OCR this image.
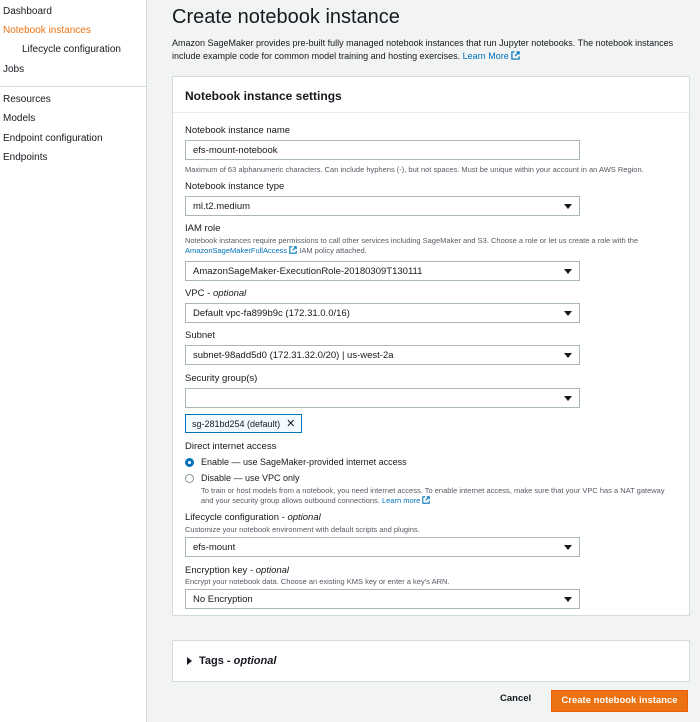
Dashboard
Notebook instances
Lifecycle configuration
Jobs
Resources
Models
Endpoint configuration
Endpoints
Create notebook instance
Amazon SageMaker provides pre-built fully managed notebook instances that run Jupyter notebooks. The notebook instances include example code for common model training and hosting exercises. Learn More
Notebook instance settings
Notebook instance name
efs-mount-notebook
Maximum of 63 alphanumeric characters. Can include hyphens (-), but not spaces. Must be unique within your account in an AWS Region.
Notebook instance type
ml.t2.medium
IAM role
Notebook instances require permissions to call other services including SageMaker and S3. Choose a role or let us create a role with the
AmazonSageMakerFullAccess IAM policy attached.
AmazonSageMaker-ExecutionRole-20180309T130111
VPC - optional
Default vpc-fa899b9c (172.31.0.0/16)
Subnet
subnet-98add5d0 (172.31.32.0/20) | us-west-2a
Security group(s)
sg-281bd254 (default) ✕
Direct internet access
Enable — use SageMaker-provided internet access
Disable — use VPC only
To train or host models from a notebook, you need internet access. To enable internet access, make sure that your VPC has a NAT gateway and your security group allows outbound connections. Learn more
Lifecycle configuration - optional
Customize your notebook environment with default scripts and plugins.
efs-mount
Encryption key - optional
Encrypt your notebook data. Choose an existing KMS key or enter a key's ARN.
No Encryption
Tags - optional
Cancel	Create notebook instance
